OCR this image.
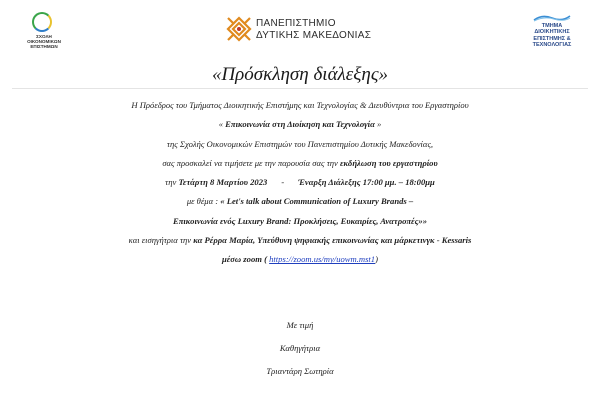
ΣΧΟΛΗ
ΟΙΚΟΝΟΜΙΚΩΝ
ΕΠΙΣΤΗΜΩΝ
ΠΑΝΕΠΙΣΤΗΜΙΟ
ΔΥΤΙΚΗΣ ΜΑΚΕΔΟΝΙΑΣ
ΤΜΗΜΑ
ΔΙΟΙΚΗΤΙΚΗΣ
ΕΠΙΣΤΗΜΗΣ &
ΤΕΧΝΟΛΟΓΙΑΣ
«Πρόσκληση διάλεξης»
Η Πρόεδρος του Τμήματος Διοικητικής Επιστήμης και Τεχνολογίας & Διευθύντρια του Εργαστηρίου
« Επικοινωνία στη Διοίκηση και Τεχνολογία »
της Σχολής Οικονομικών Επιστημών του Πανεπιστημίου Δυτικής Μακεδονίας,
σας προσκαλεί να τιμήσετε με την παρουσία σας την εκδήλωση του εργαστηρίου
την Τετάρτη 8 Μαρτίου 2023 - Έναρξη Διάλεξης 17:00 μμ. – 18:00μμ
με θέμα : « Let's talk about Communication of Luxury Brands –
Επικοινωνία ενός Luxury Brand: Προκλήσεις, Ευκαιρίες, Ανατροπές»»
και εισηγήτρια την κα Ρέρρα Μαρία, Υπεύθυνη ψηφιακής επικοινωνίας και μάρκετινγκ - Kessaris
μέσω zoom ( https://zoom.us/my/uowm.mst1)
Με τιμή
Καθηγήτρια
Τριαντάρη Σωτηρία
